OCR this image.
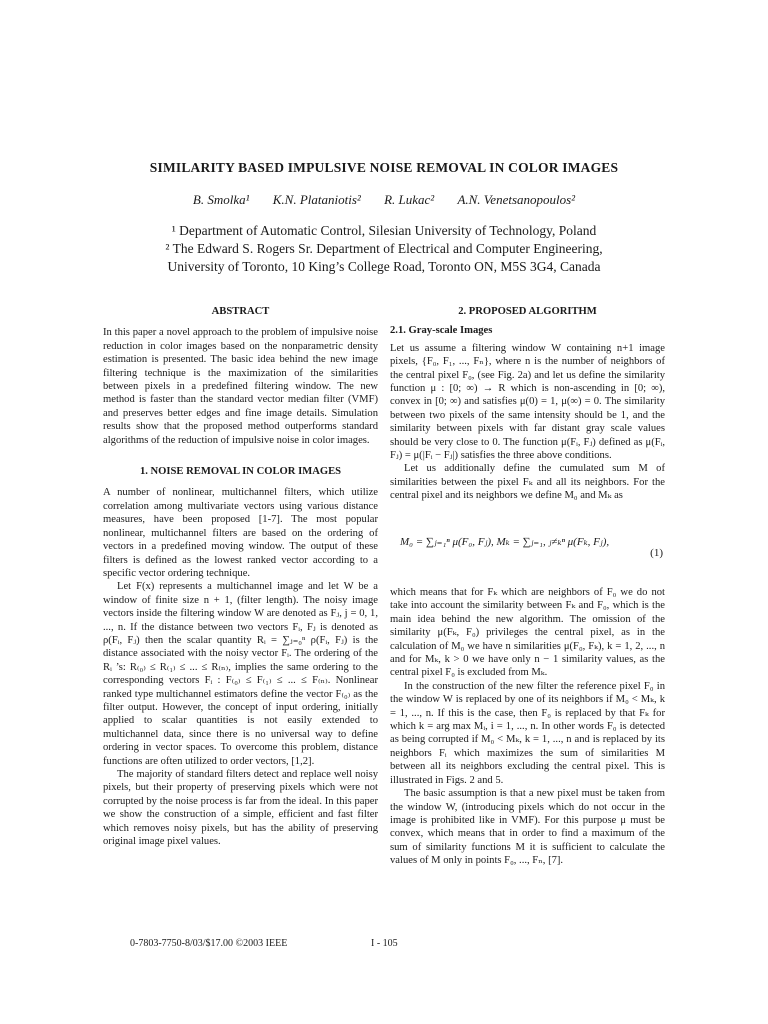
SIMILARITY BASED IMPULSIVE NOISE REMOVAL IN COLOR IMAGES
B. Smolka¹ K.N. Plataniotis² R. Lukac² A.N. Venetsanopoulos²
¹ Department of Automatic Control, Silesian University of Technology, Poland
² The Edward S. Rogers Sr. Department of Electrical and Computer Engineering,
University of Toronto, 10 King’s College Road, Toronto ON, M5S 3G4, Canada
ABSTRACT

In this paper a novel approach to the problem of impulsive noise reduction in color images based on the nonparametric density estimation is presented. The basic idea behind the new image filtering technique is the maximization of the similarities between pixels in a predefined filtering window. The new method is faster than the standard vector median filter (VMF) and preserves better edges and fine image details. Simulation results show that the proposed method outperforms standard algorithms of the reduction of impulsive noise in color images.

1. NOISE REMOVAL IN COLOR IMAGES

A number of nonlinear, multichannel filters, which utilize correlation among multivariate vectors using various distance measures, have been proposed [1-7]. The most popular nonlinear, multichannel filters are based on the ordering of vectors in a predefined moving window. The output of these filters is defined as the lowest ranked vector according to a specific vector ordering technique.

Let F(x) represents a multichannel image and let W be a window of finite size n + 1, (filter length). The noisy image vectors inside the filtering window W are denoted as Fⱼ, j = 0, 1, ..., n. If the distance between two vectors Fᵢ, Fⱼ is denoted as ρ(Fᵢ, Fⱼ) then the scalar quantity Rᵢ = ∑ⱼ₌₀ⁿ ρ(Fᵢ, Fⱼ) is the distance associated with the noisy vector Fᵢ. The ordering of the Rᵢ ’s: R₍₀₎ ≤ R₍₁₎ ≤ ... ≤ R₍ₙ₎, implies the same ordering to the corresponding vectors Fᵢ : F₍₀₎ ≤ F₍₁₎ ≤ ... ≤ F₍ₙ₎. Nonlinear ranked type multichannel estimators define the vector F₍₀₎ as the filter output. However, the concept of input ordering, initially applied to scalar quantities is not easily extended to multichannel data, since there is no universal way to define ordering in vector spaces. To overcome this problem, distance functions are often utilized to order vectors, [1,2].

The majority of standard filters detect and replace well noisy pixels, but their property of preserving pixels which were not corrupted by the noise process is far from the ideal. In this paper we show the construction of a simple, efficient and fast filter which removes noisy pixels, but has the ability of preserving original image pixel values.

2. PROPOSED ALGORITHM
2.1. Gray-scale Images

Let us assume a filtering window W containing n+1 image pixels, {F₀, F₁, ..., Fₙ}, where n is the number of neighbors of the central pixel F₀, (see Fig. 2a) and let us define the similarity function μ : [0; ∞) → R which is non-ascending in [0; ∞), convex in [0; ∞) and satisfies μ(0) = 1, μ(∞) = 0. The similarity between two pixels of the same intensity should be 1, and the similarity between pixels with far distant gray scale values should be very close to 0. The function μ(Fᵢ, Fⱼ) defined as μ(Fᵢ, Fⱼ) = μ(|Fᵢ − Fⱼ|) satisfies the three above conditions.

Let us additionally define the cumulated sum M of similarities between the pixel Fₖ and all its neighbors. For the central pixel and its neighbors we define M₀ and Mₖ as

M₀ = ∑ⱼ₌₁ⁿ μ(F₀, Fⱼ), Mₖ = ∑ⱼ₌₁, ⱼ≠ₖⁿ μ(Fₖ, Fⱼ),
(1)

which means that for Fₖ which are neighbors of F₀ we do not take into account the similarity between Fₖ and F₀, which is the main idea behind the new algorithm. The omission of the similarity μ(Fₖ, F₀) privileges the central pixel, as in the calculation of M₀ we have n similarities μ(F₀, Fₖ), k = 1, 2, ..., n and for Mₖ, k > 0 we have only n − 1 similarity values, as the central pixel F₀ is excluded from Mₖ.

In the construction of the new filter the reference pixel F₀ in the window W is replaced by one of its neighbors if M₀ < Mₖ, k = 1, ..., n. If this is the case, then F₀ is replaced by that Fₖ for which k = arg max Mᵢ, i = 1, ..., n. In other words F₀ is detected as being corrupted if M₀ < Mₖ, k = 1, ..., n and is replaced by its neighbors Fᵢ which maximizes the sum of similarities M between all its neighbors excluding the central pixel. This is illustrated in Figs. 2 and 5.

The basic assumption is that a new pixel must be taken from the window W, (introducing pixels which do not occur in the image is prohibited like in VMF). For this purpose μ must be convex, which means that in order to find a maximum of the sum of similarity functions M it is sufficient to calculate the values of M only in points F₀, ..., Fₙ, [7].

0-7803-7750-8/03/$17.00 ©2003 IEEE	I - 105
